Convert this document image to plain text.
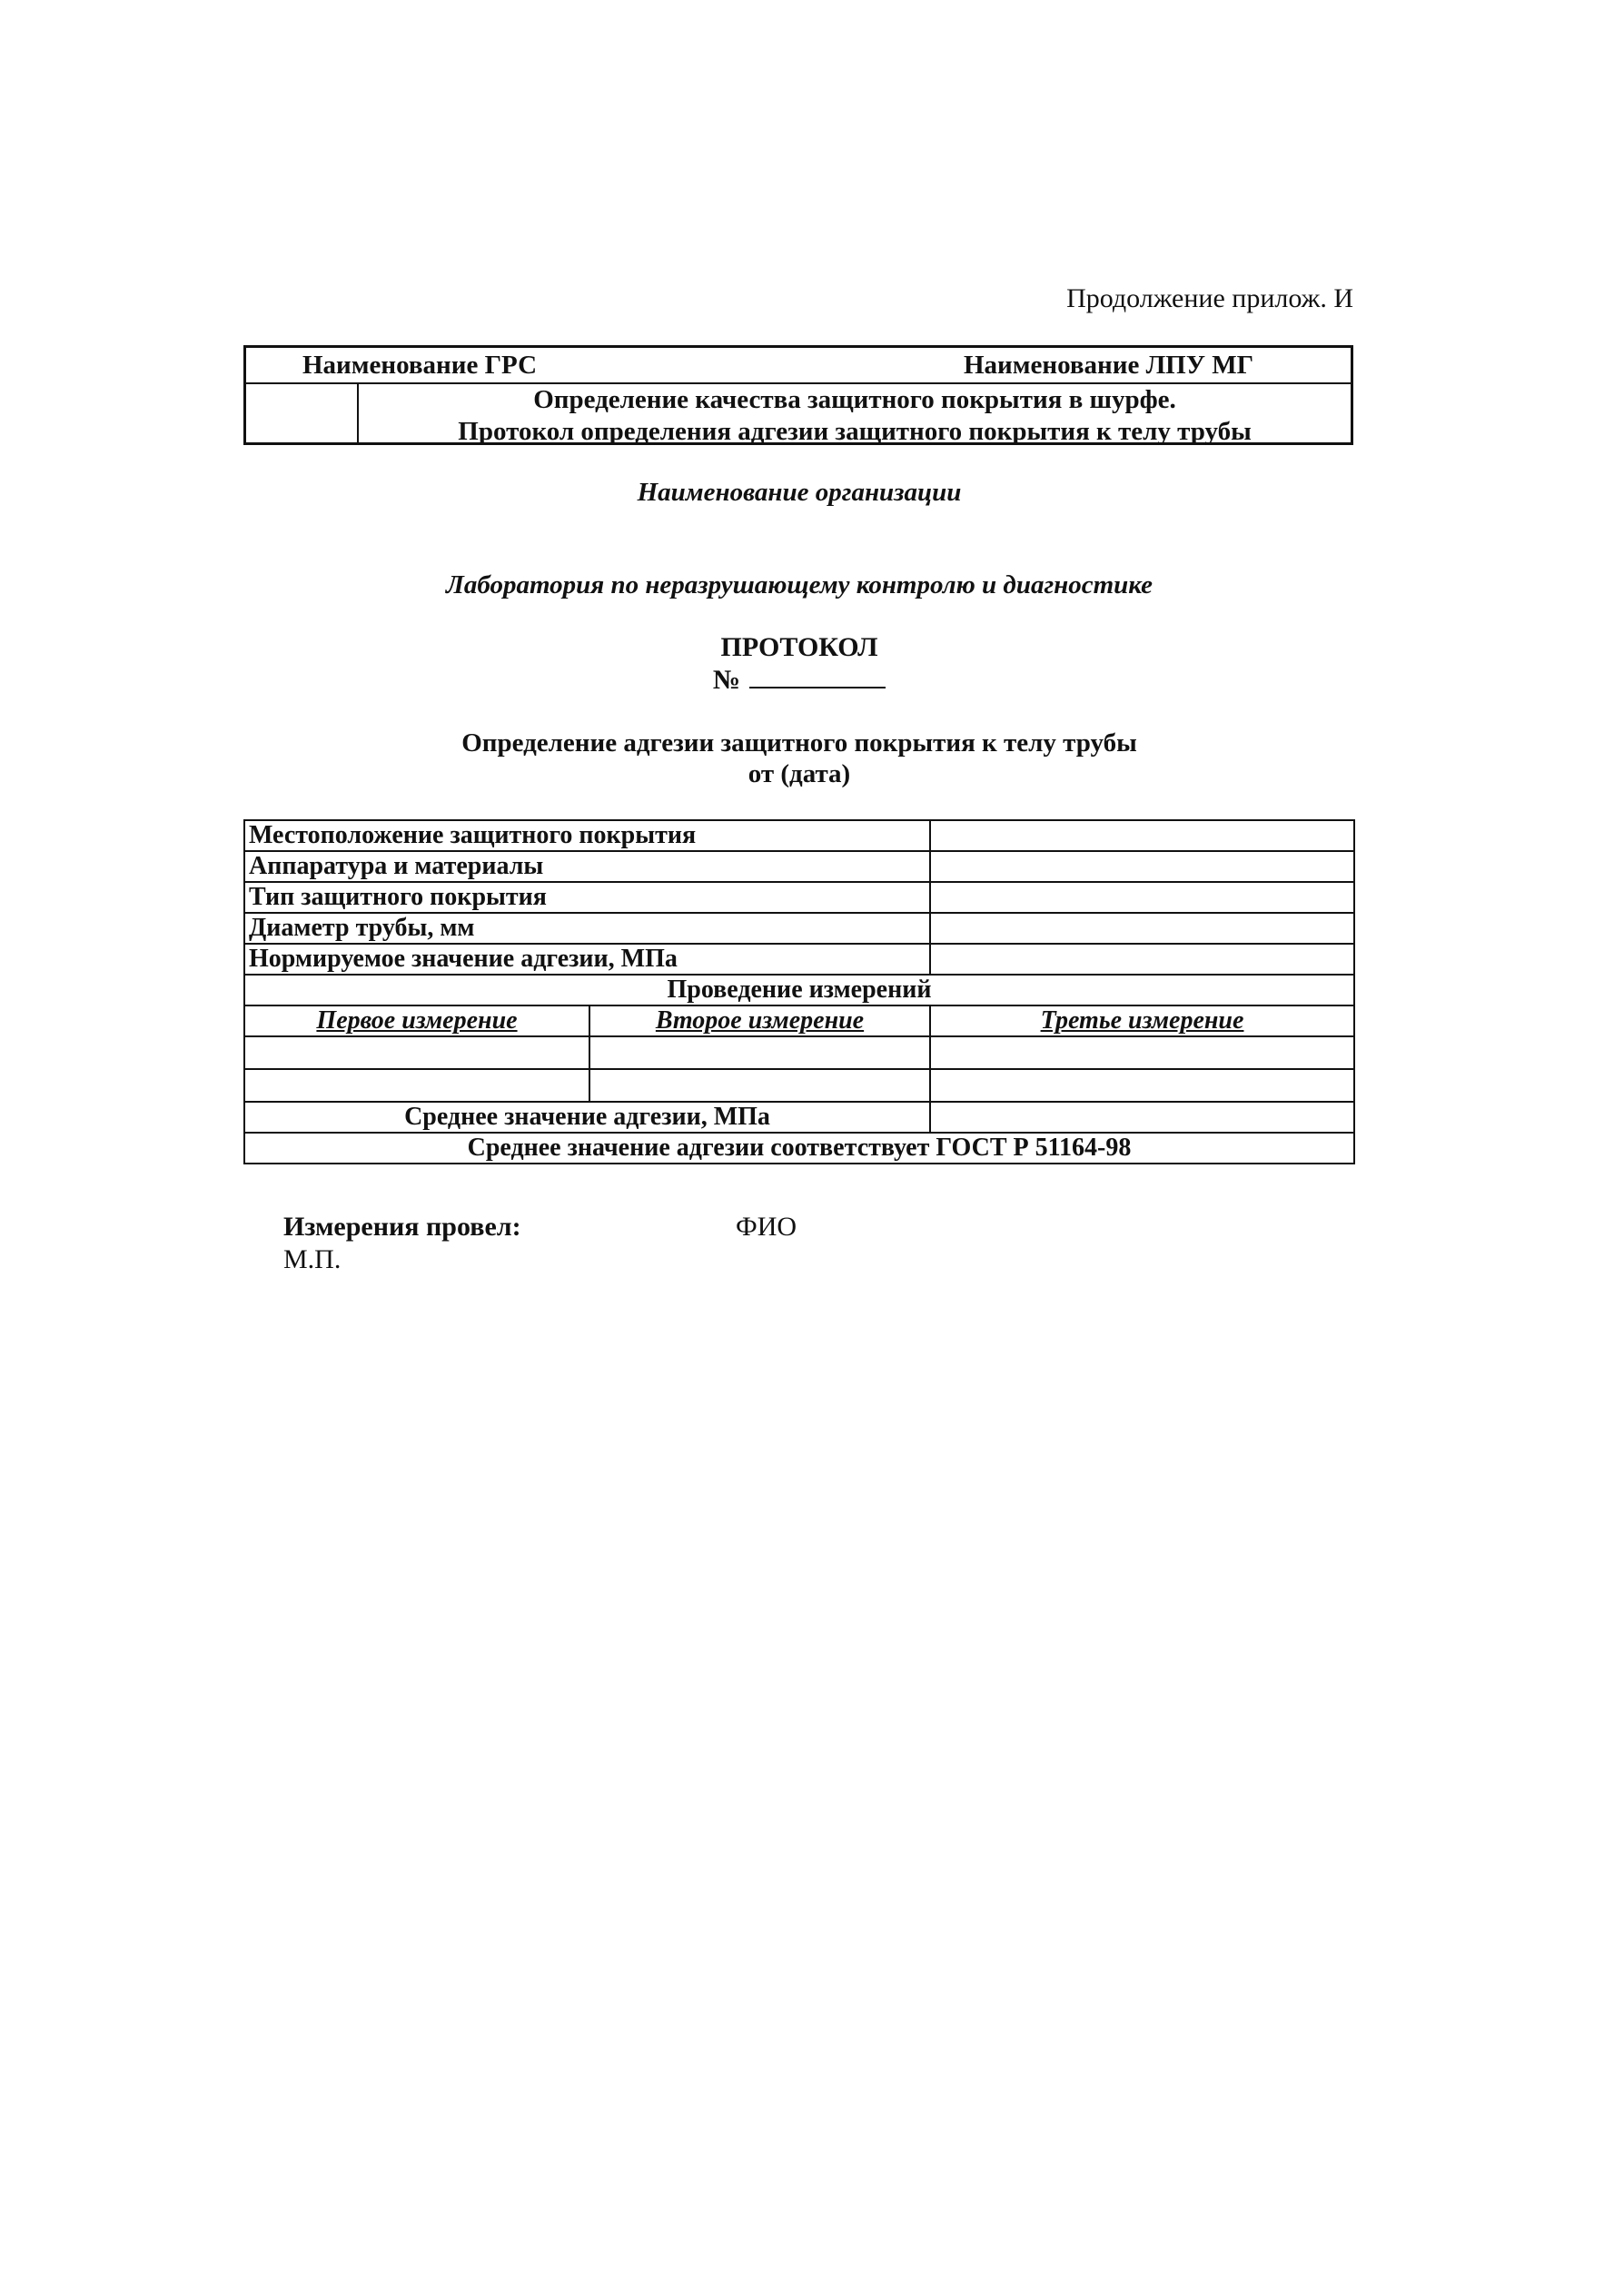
Продолжение прилож. И
Наименование ГРС	Наименование ЛПУ МГ
Определение качества защитного покрытия в шурфе.
Протокол определения адгезии защитного покрытия к телу трубы
Наименование организации
Лаборатория по неразрушающему контролю и диагностике
ПРОТОКОЛ
№
Определение адгезии защитного покрытия к телу трубы
от (дата)
Местоположение защитного покрытия		
Аппаратура и материалы		
Тип защитного покрытия		
Диаметр трубы, мм		
Нормируемое значение адгезии, МПа		
Проведение измерений		
Первое измерение	Второе измерение	Третье измерение

Среднее значение адгезии, МПа		
Среднее значение адгезии соответствует ГОСТ Р 51164-98		
Измерения провел:	ФИО
М.П.
